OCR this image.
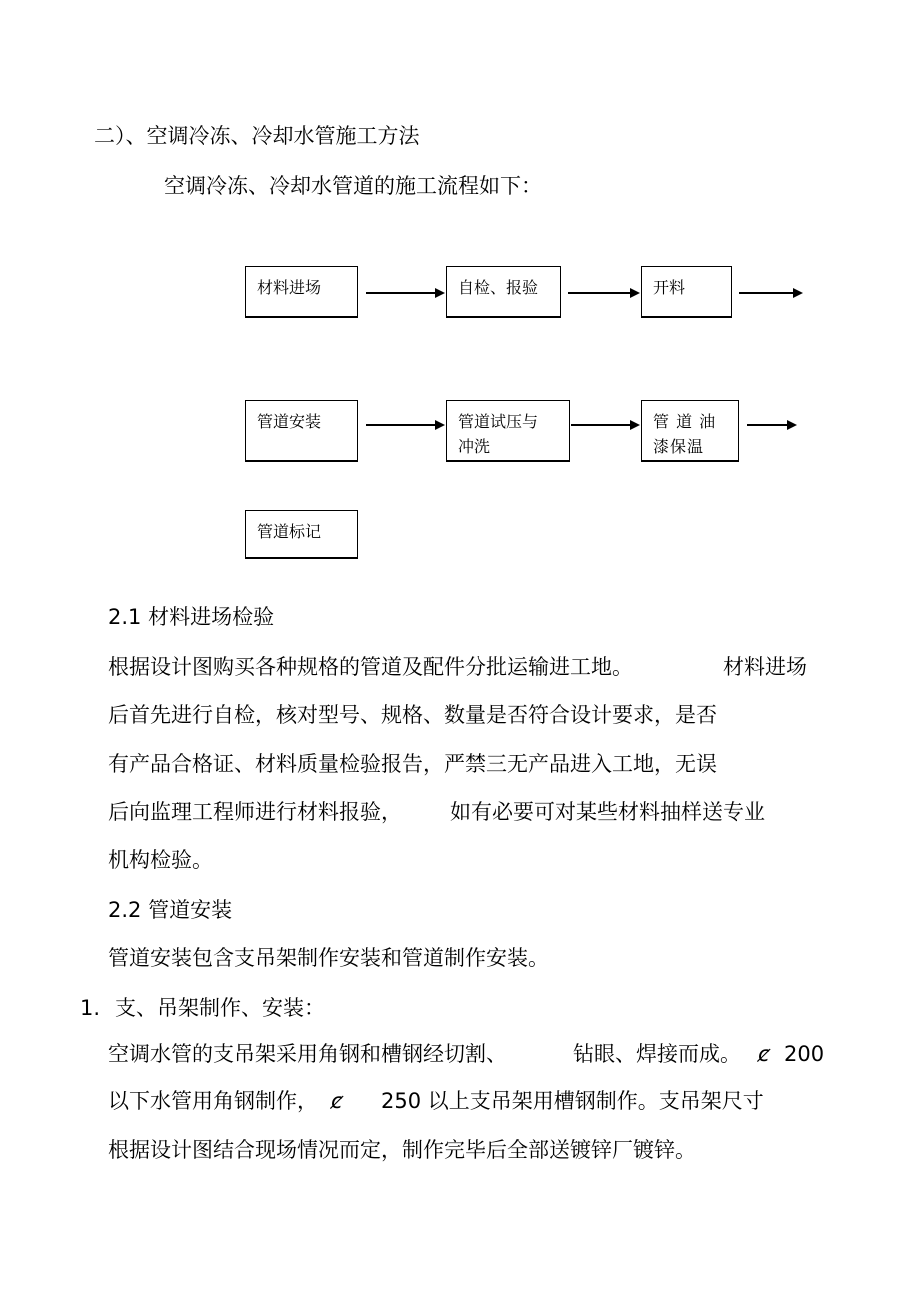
二）、空调冷冻、冷却水管施工方法
空调冷冻、冷却水管道的施工流程如下：
材料进场	自检、报验	开料
管道安装	管道试压与
冲洗
管 道 油
漆保温
管道标记
2.1 材料进场检验
根据设计图购买各种规格的管道及配件分批运输进工地。	材料进场
后首先进行自检，核对型号、规格、数量是否符合设计要求，是否
有产品合格证、材料质量检验报告，严禁三无产品进入工地，无误
后向监理工程师进行材料报验， 如有必要可对某些材料抽样送专业
机构检验。
2.2 管道安装
管道安装包含支吊架制作安装和管道制作安装。
1. 支、吊架制作、安装：
空调水管的支吊架采用角钢和槽钢经切割、	钻眼、焊接而成。 ȼ 200
以下水管用角钢制作， ȼ 250 以上支吊架用槽钢制作。支吊架尺寸
根据设计图结合现场情况而定，制作完毕后全部送镀锌厂镀锌。
